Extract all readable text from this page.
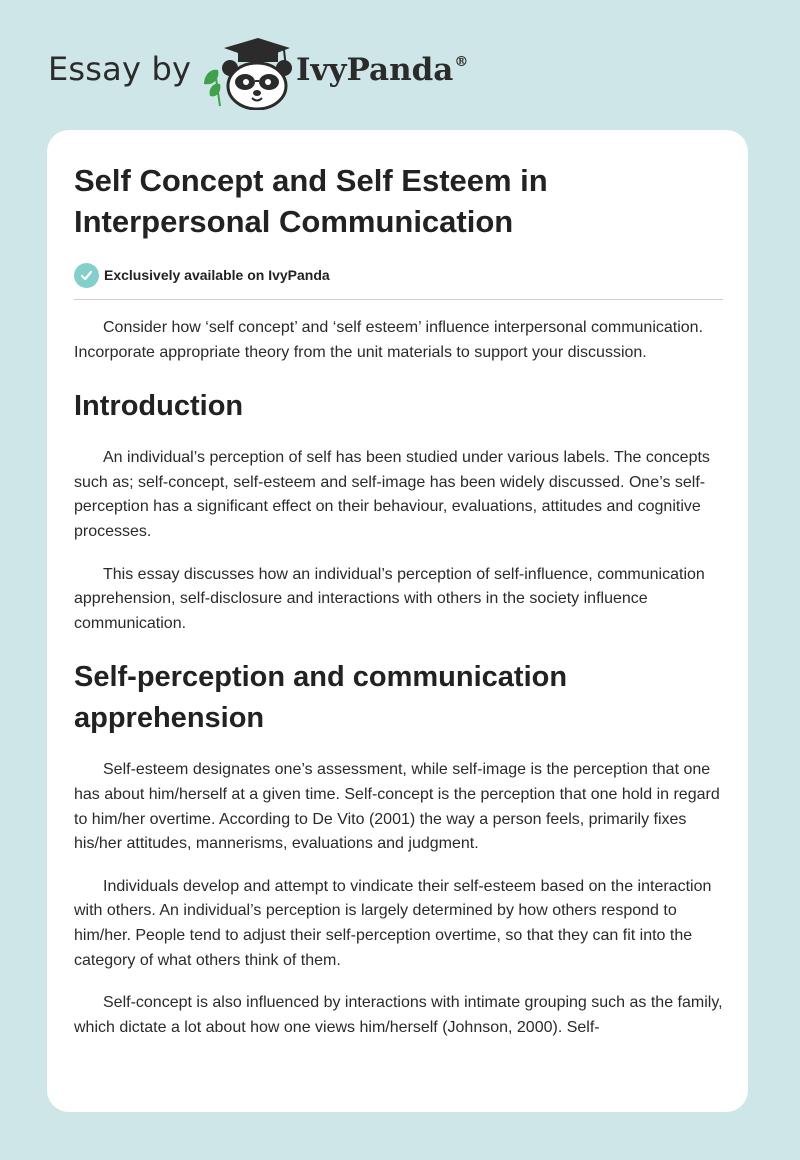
Essay by	IvyPanda®
Self Concept and Self Esteem in Interpersonal Communication
Exclusively available on IvyPanda

Consider how ‘self concept’ and ‘self esteem’ influence interpersonal communication. Incorporate appropriate theory from the unit materials to support your discussion.

Introduction

An individual’s perception of self has been studied under various labels. The concepts such as; self-concept, self-esteem and self-image has been widely discussed. One’s self-perception has a significant effect on their behaviour, evaluations, attitudes and cognitive processes.

This essay discusses how an individual’s perception of self-influence, communication apprehension, self-disclosure and interactions with others in the society influence communication.

Self-perception and communication apprehension

Self-esteem designates one’s assessment, while self-image is the perception that one has about him/herself at a given time. Self-concept is the perception that one hold in regard to him/her overtime. According to De Vito (2001) the way a person feels, primarily fixes his/her attitudes, mannerisms, evaluations and judgment.

Individuals develop and attempt to vindicate their self-esteem based on the interaction with others. An individual’s perception is largely determined by how others respond to him/her. People tend to adjust their self-perception overtime, so that they can fit into the category of what others think of them.

Self-concept is also influenced by interactions with intimate grouping such as the family, which dictate a lot about how one views him/herself (Johnson, 2000). Self-
